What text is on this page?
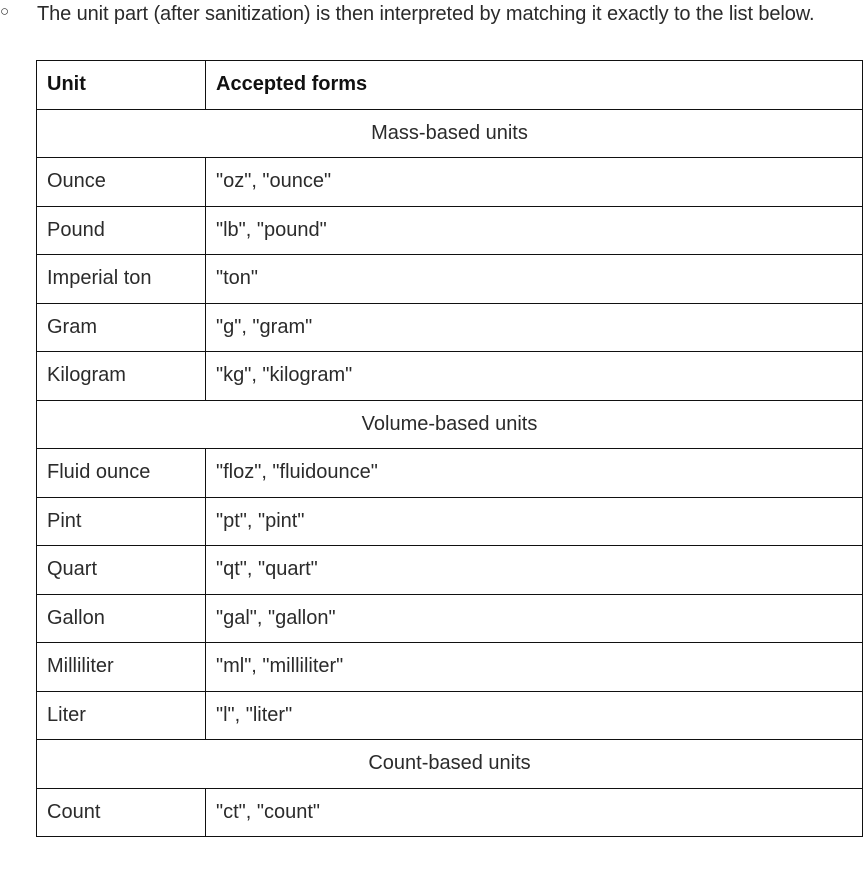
○ The unit part (after sanitization) is then interpreted by matching it exactly to the list below.
Unit	Accepted forms
Mass-based units	
Ounce	"oz", "ounce"
Pound	"lb", "pound"
Imperial ton	"ton"
Gram	"g", "gram"
Kilogram	"kg", "kilogram"
Volume-based units	
Fluid ounce	"floz", "fluidounce"
Pint	"pt", "pint"
Quart	"qt", "quart"
Gallon	"gal", "gallon"
Milliliter	"ml", "milliliter"
Liter	"l", "liter"
Count-based units	
Count	"ct", "count"
